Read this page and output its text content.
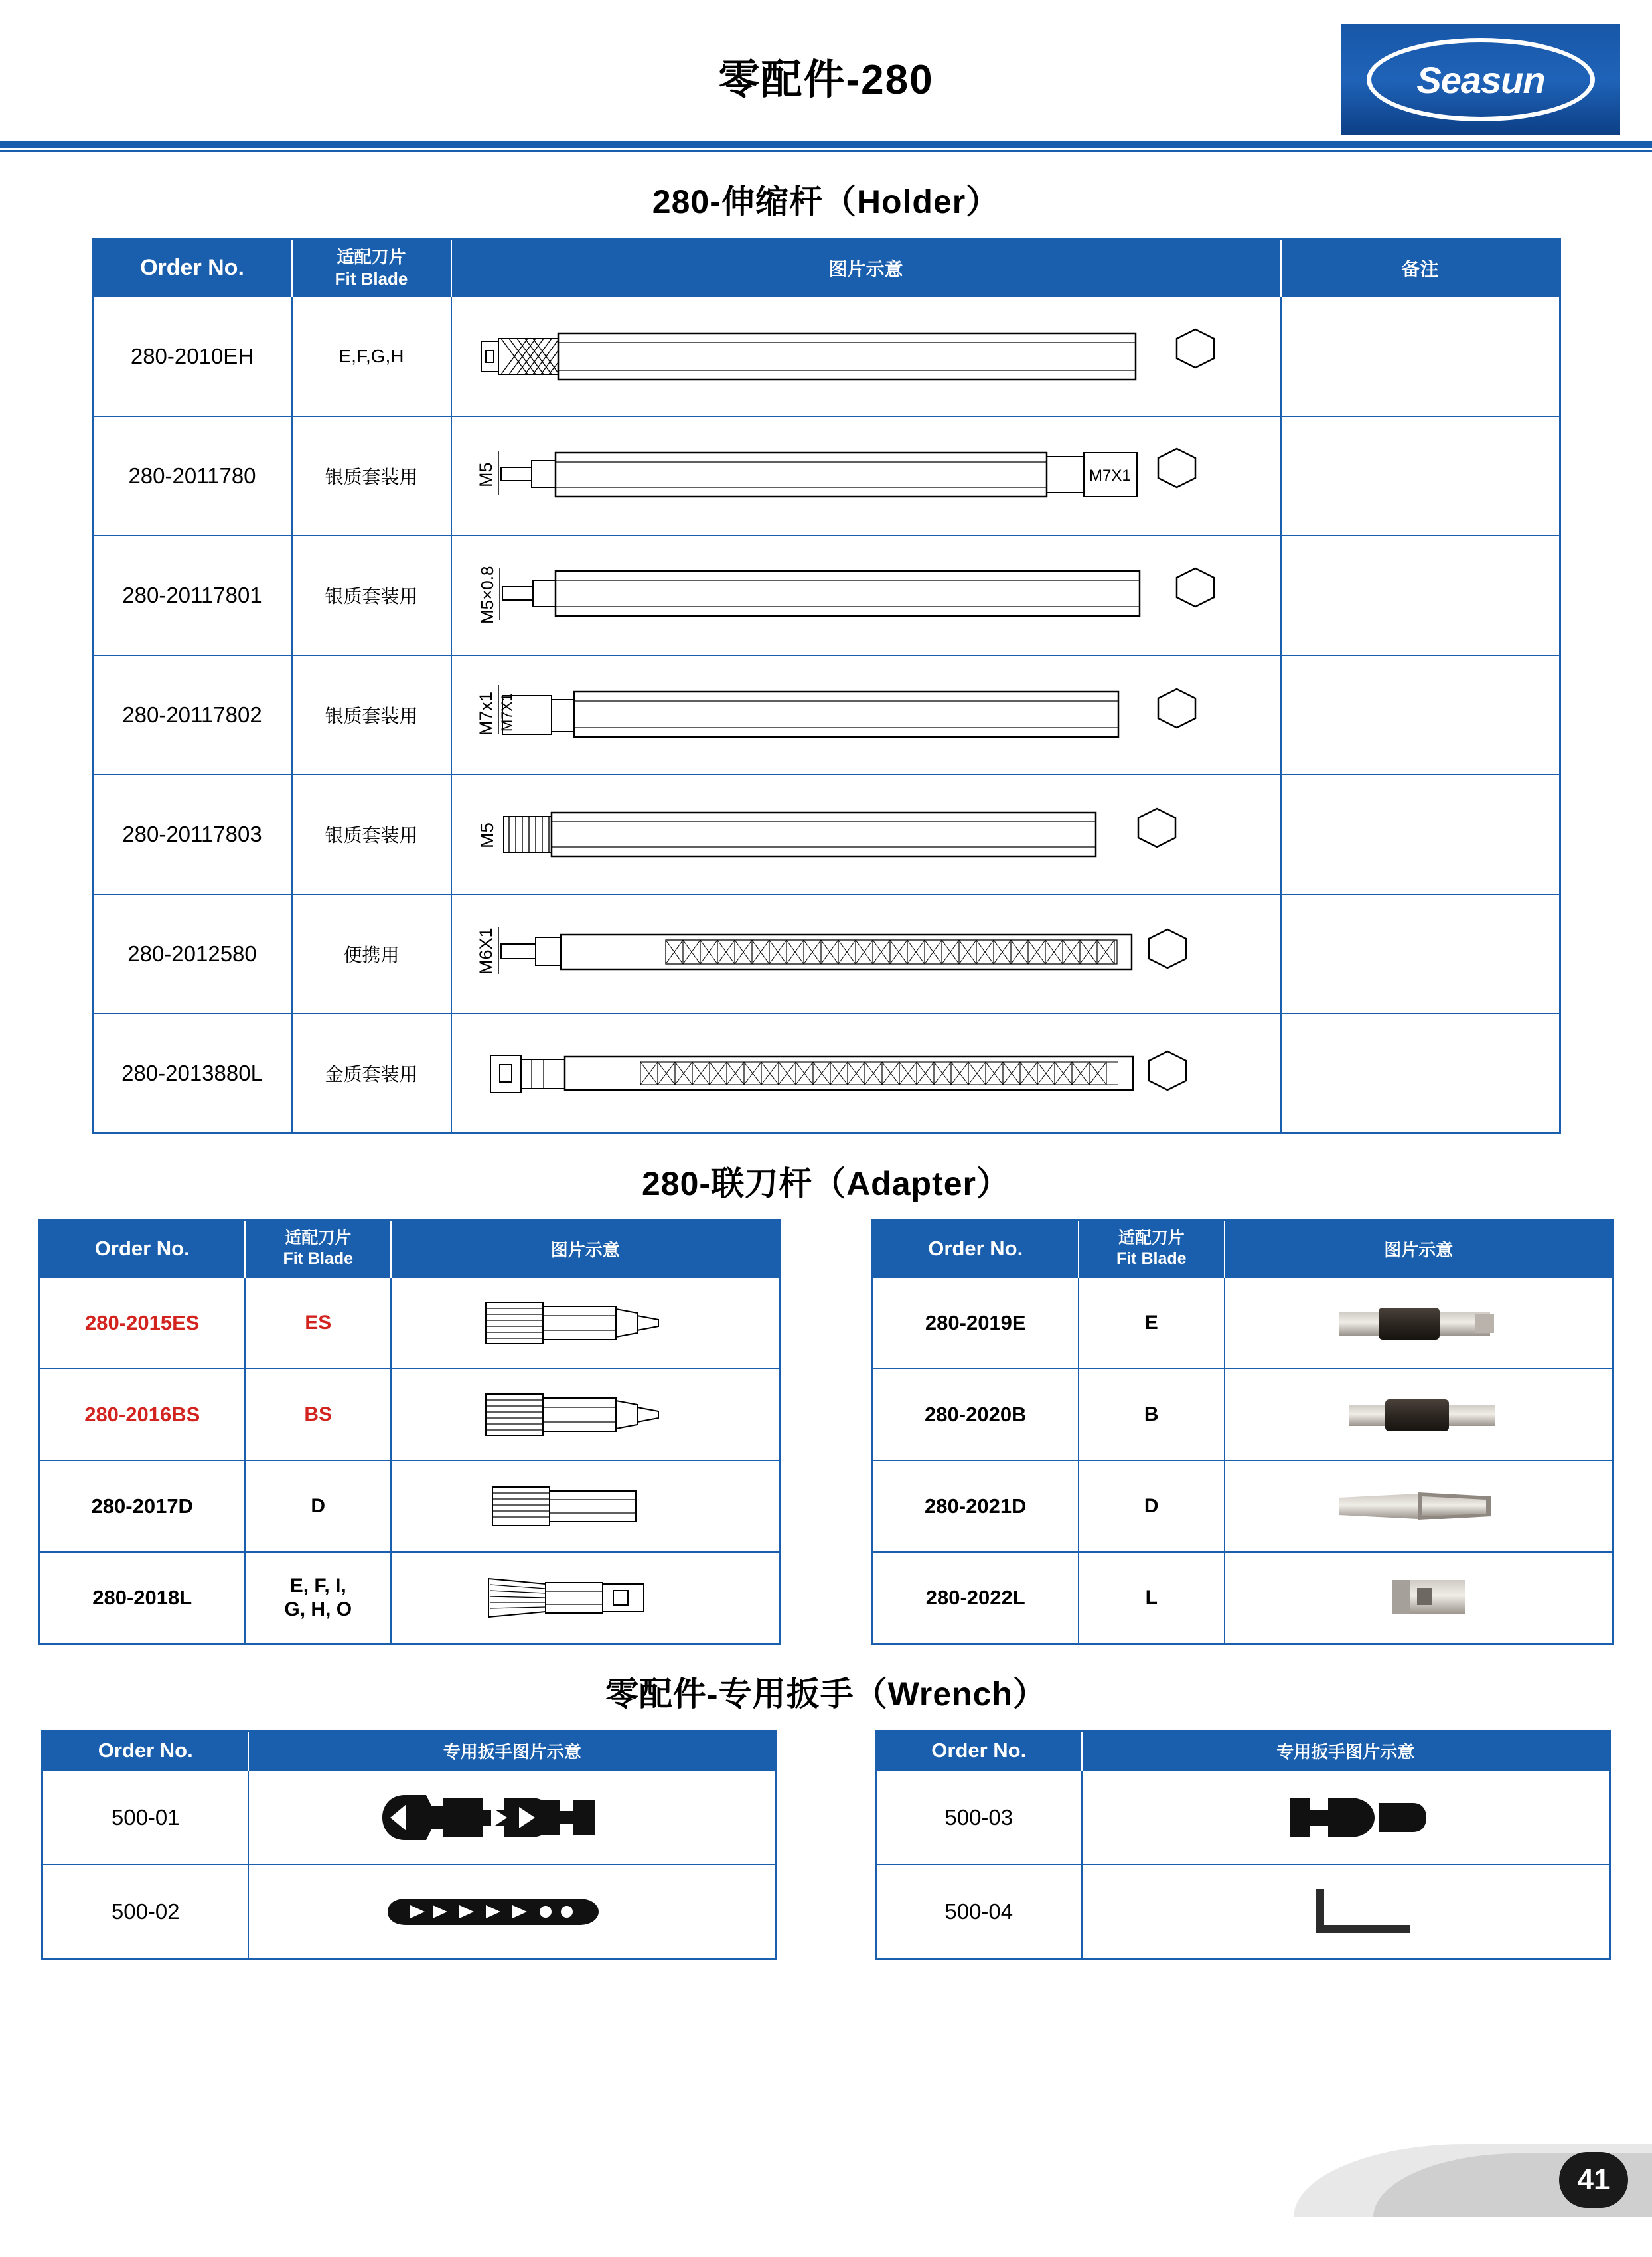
零配件-280	Seasun
280-伸缩杆（Holder）
Order No.	适配刀片
Fit Blade	图片示意	备注
280-2010EH	E,F,G,H	

280-2011780	银质套装用	M5 M7X1	

280-20117801	银质套装用	M5×0.8	

280-20117802	银质套装用	M7x1 M7X1	

280-20117803	银质套装用	M5	

280-2012580	便携用	M6X1	

280-2013880L	金质套装用	

280-联刀杆（Adapter）
Order No.	适配刀片
Fit Blade	图片示意
280-2015ES	ES	

280-2016BS	BS	

280-2017D	D	

280-2018L	E, F, I,
G, H, O

Order No.	适配刀片
Fit Blade	图片示意
280-2019E	E	

280-2020B	B	

280-2021D	D	

280-2022L	L	
零配件-专用扳手（Wrench）
Order No.	专用扳手图片示意
500-01	

500-02	
Order No.	专用扳手图片示意
500-03	

500-04	
41
